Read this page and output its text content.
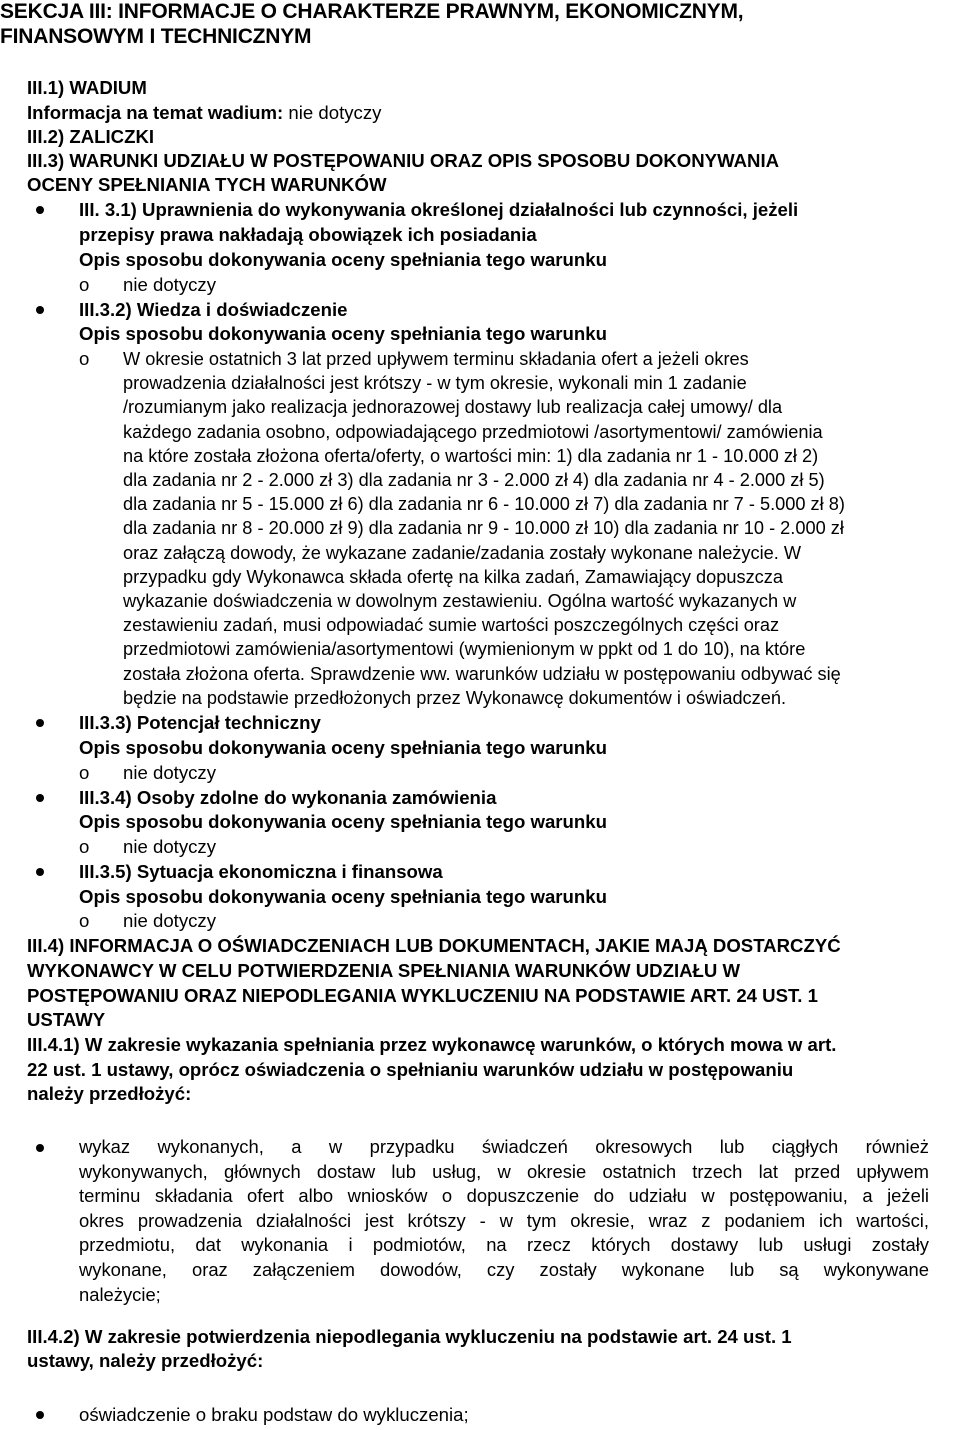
SEKCJA III: INFORMACJE O CHARAKTERZE PRAWNYM, EKONOMICZNYM,
FINANSOWYM I TECHNICZNYM
III.1) WADIUM
Informacja na temat wadium: nie dotyczy
III.2) ZALICZKI
III.3) WARUNKI UDZIAŁU W POSTĘPOWANIU ORAZ OPIS SPOSOBU DOKONYWANIA
OCENY SPEŁNIANIA TYCH WARUNKÓW
III. 3.1) Uprawnienia do wykonywania określonej działalności lub czynności, jeżeli
przepisy prawa nakładają obowiązek ich posiadania
Opis sposobu dokonywania oceny spełniania tego warunku
o nie dotyczy
III.3.2) Wiedza i doświadczenie
Opis sposobu dokonywania oceny spełniania tego warunku
o W okresie ostatnich 3 lat przed upływem terminu składania ofert a jeżeli okres
prowadzenia działalności jest krótszy - w tym okresie, wykonali min 1 zadanie
/rozumianym jako realizacja jednorazowej dostawy lub realizacja całej umowy/ dla
każdego zadania osobno, odpowiadającego przedmiotowi /asortymentowi/ zamówienia
na które została złożona oferta/oferty, o wartości min: 1) dla zadania nr 1 - 10.000 zł 2)
dla zadania nr 2 - 2.000 zł 3) dla zadania nr 3 - 2.000 zł 4) dla zadania nr 4 - 2.000 zł 5)
dla zadania nr 5 - 15.000 zł 6) dla zadania nr 6 - 10.000 zł 7) dla zadania nr 7 - 5.000 zł 8)
dla zadania nr 8 - 20.000 zł 9) dla zadania nr 9 - 10.000 zł 10) dla zadania nr 10 - 2.000 zł
oraz załączą dowody, że wykazane zadanie/zadania zostały wykonane należycie. W
przypadku gdy Wykonawca składa ofertę na kilka zadań, Zamawiający dopuszcza
wykazanie doświadczenia w dowolnym zestawieniu. Ogólna wartość wykazanych w
zestawieniu zadań, musi odpowiadać sumie wartości poszczególnych części oraz
przedmiotowi zamówienia/asortymentowi (wymienionym w ppkt od 1 do 10), na które
została złożona oferta. Sprawdzenie ww. warunków udziału w postępowaniu odbywać się
będzie na podstawie przedłożonych przez Wykonawcę dokumentów i oświadczeń.
III.3.3) Potencjał techniczny
Opis sposobu dokonywania oceny spełniania tego warunku
o nie dotyczy
III.3.4) Osoby zdolne do wykonania zamówienia
Opis sposobu dokonywania oceny spełniania tego warunku
o nie dotyczy
III.3.5) Sytuacja ekonomiczna i finansowa
Opis sposobu dokonywania oceny spełniania tego warunku
o nie dotyczy
III.4) INFORMACJA O OŚWIADCZENIACH LUB DOKUMENTACH, JAKIE MAJĄ DOSTARCZYĆ
WYKONAWCY W CELU POTWIERDZENIA SPEŁNIANIA WARUNKÓW UDZIAŁU W
POSTĘPOWANIU ORAZ NIEPODLEGANIA WYKLUCZENIU NA PODSTAWIE ART. 24 UST. 1
USTAWY
III.4.1) W zakresie wykazania spełniania przez wykonawcę warunków, o których mowa w art.
22 ust. 1 ustawy, oprócz oświadczenia o spełnianiu warunków udziału w postępowaniu
należy przedłożyć:
wykaz wykonanych, a w przypadku świadczeń okresowych lub ciągłych również
wykonywanych, głównych dostaw lub usług, w okresie ostatnich trzech lat przed upływem
terminu składania ofert albo wniosków o dopuszczenie do udziału w postępowaniu, a jeżeli
okres prowadzenia działalności jest krótszy - w tym okresie, wraz z podaniem ich wartości,
przedmiotu, dat wykonania i podmiotów, na rzecz których dostawy lub usługi zostały
wykonane, oraz załączeniem dowodów, czy zostały wykonane lub są wykonywane
należycie;
III.4.2) W zakresie potwierdzenia niepodlegania wykluczeniu na podstawie art. 24 ust. 1
ustawy, należy przedłożyć:
oświadczenie o braku podstaw do wykluczenia;
